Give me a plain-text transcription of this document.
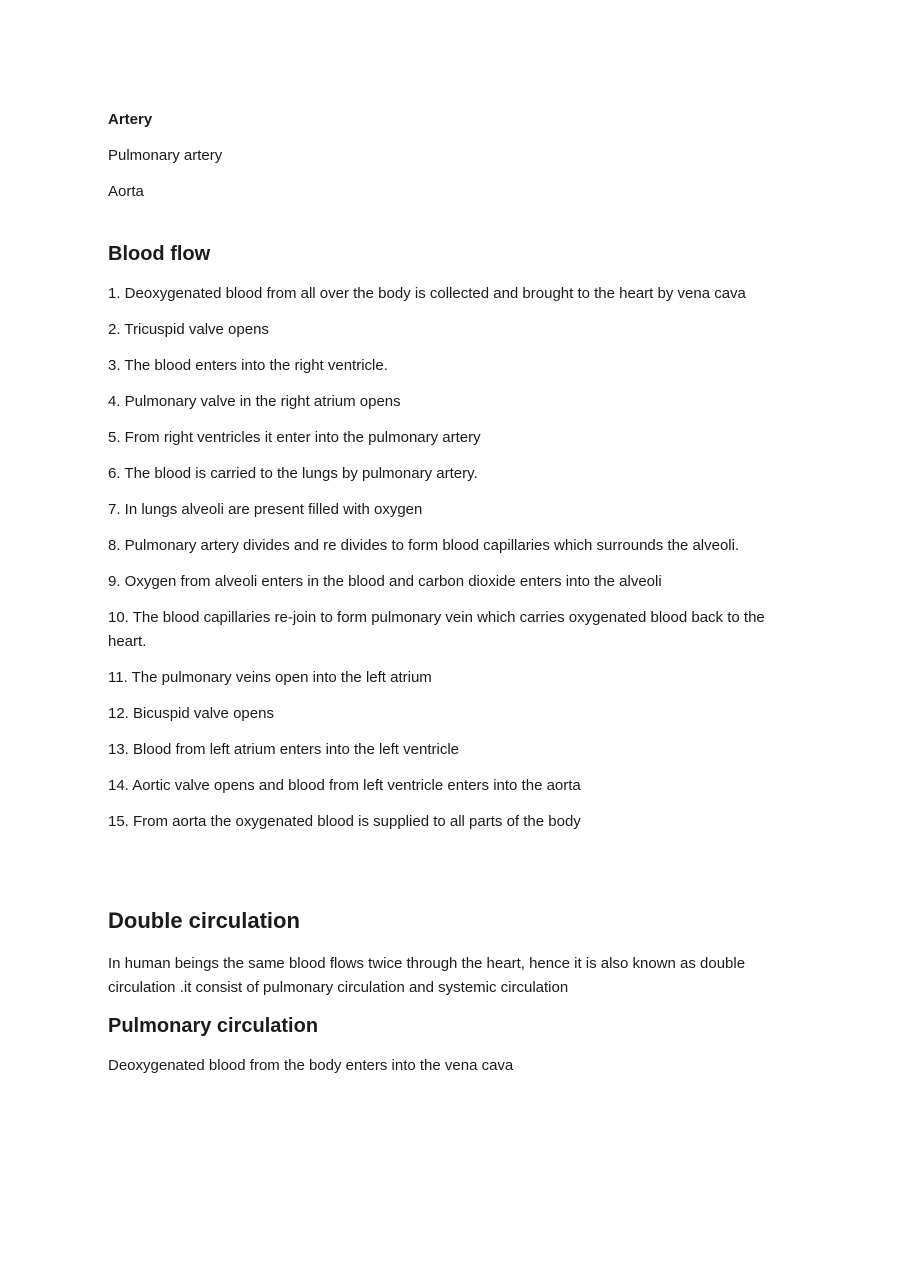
Artery

Pulmonary artery

Aorta

Blood flow

1. Deoxygenated blood from all over the body is collected and brought to the heart by vena cava

2. Tricuspid valve opens

3. The blood enters into the right ventricle.

4. Pulmonary valve in the right atrium opens

5. From right ventricles it enter into the pulmonary artery

6. The blood is carried to the lungs by pulmonary artery.

7. In lungs alveoli are present filled with oxygen

8. Pulmonary artery divides and re divides to form blood capillaries which surrounds the alveoli.

9. Oxygen from alveoli enters in the blood and carbon dioxide enters into the alveoli

10. The blood capillaries re-join to form pulmonary vein which carries oxygenated blood back to the heart.

11. The pulmonary veins open into the left atrium

12. Bicuspid valve opens

13. Blood from left atrium enters into the left ventricle

14. Aortic valve opens and blood from left ventricle enters into the aorta

15. From aorta the oxygenated blood is supplied to all parts of the body

Double circulation

In human beings the same blood flows twice through the heart, hence it is also known as double circulation .it consist of pulmonary circulation and systemic circulation

Pulmonary circulation

Deoxygenated blood from the body enters into the vena cava
